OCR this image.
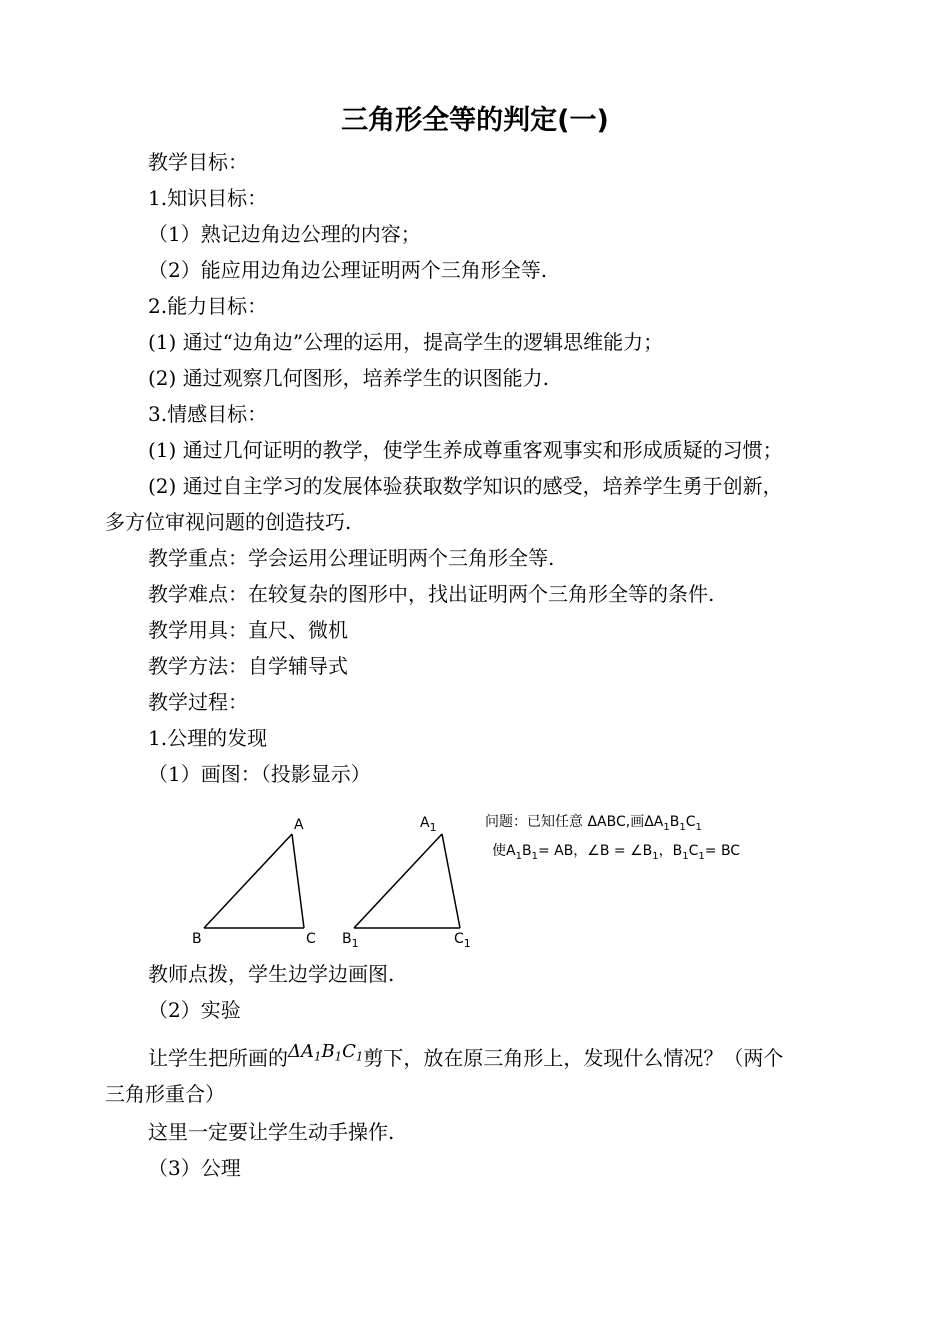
三角形全等的判定(一)
教学目标：
1.知识目标：
（1）熟记边角边公理的内容；
（2）能应用边角边公理证明两个三角形全等.
2.能力目标：
(1) 通过“边角边”公理的运用，提高学生的逻辑思维能力；
(2) 通过观察几何图形，培养学生的识图能力.
3.情感目标：
(1) 通过几何证明的教学，使学生养成尊重客观事实和形成质疑的习惯；
(2) 通过自主学习的发展体验获取数学知识的感受，培养学生勇于创新，
多方位审视问题的创造技巧.
教学重点：学会运用公理证明两个三角形全等.
教学难点：在较复杂的图形中，找出证明两个三角形全等的条件.
教学用具：直尺、微机
教学方法：自学辅导式
教学过程：
1.公理的发现
（1）画图：（投影显示）
A
B	C
$A_1$
$B_1$	$C_1$
问题：已知任意 ΔABC,画$\Delta A_1B_1C_1$
使$A_1B_1=$ AB，∠B = $\angle B_1$，$B_1C_1=$ BC
教师点拨，学生边学边画图.
（2）实验
让学生把所画的$\Delta A_1B_1C_1$剪下，放在原三角形上，发现什么情况？（两个
三角形重合）
这里一定要让学生动手操作.
（3）公理
